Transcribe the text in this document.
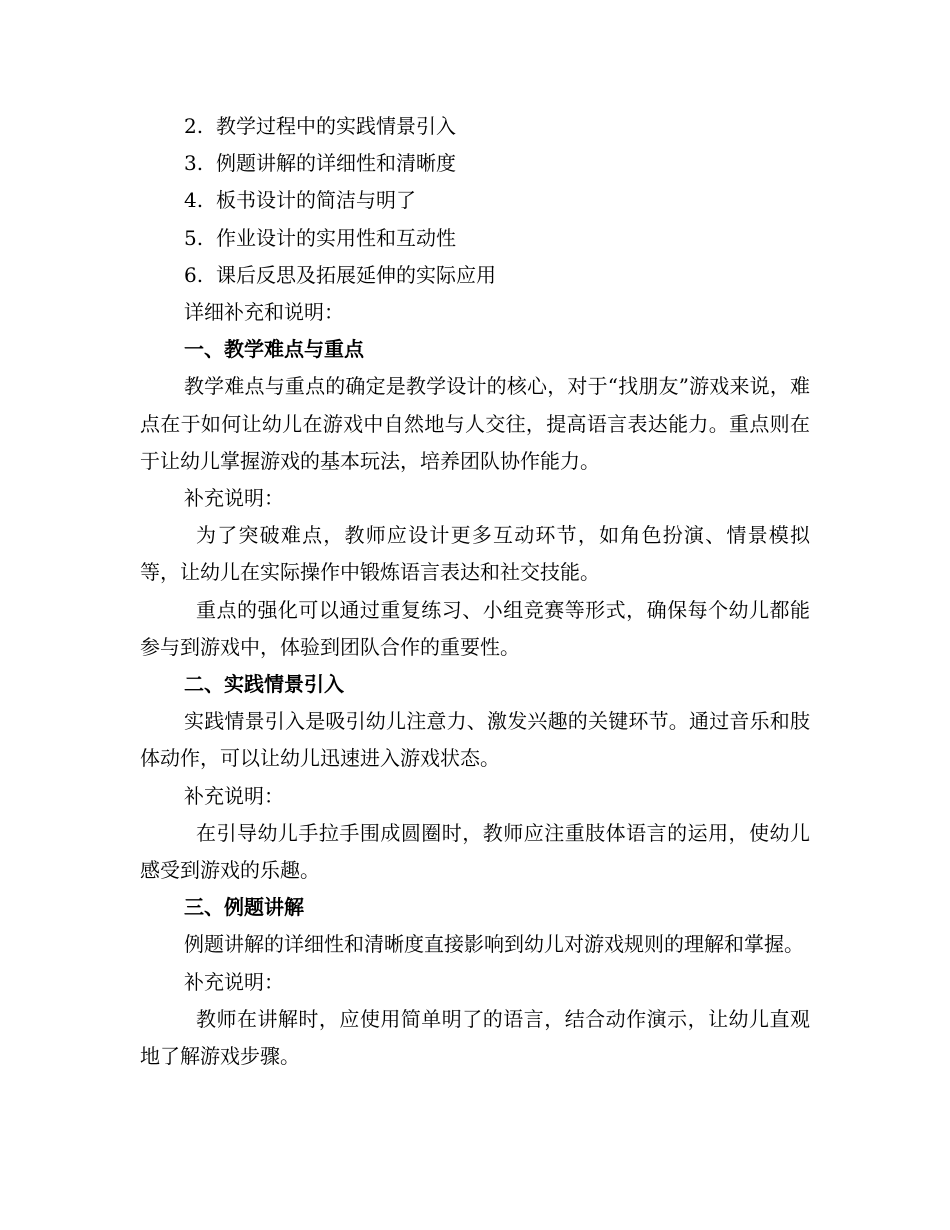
2. 教学过程中的实践情景引入

3. 例题讲解的详细性和清晰度

4. 板书设计的简洁与明了

5. 作业设计的实用性和互动性

6. 课后反思及拓展延伸的实际应用

详细补充和说明：

一、教学难点与重点

教学难点与重点的确定是教学设计的核心，对于“找朋友”游戏来说，难点在于如何让幼儿在游戏中自然地与人交往，提高语言表达能力。重点则在于让幼儿掌握游戏的基本玩法，培养团队协作能力。

补充说明：

为了突破难点，教师应设计更多互动环节，如角色扮演、情景模拟等，让幼儿在实际操作中锻炼语言表达和社交技能。

重点的强化可以通过重复练习、小组竞赛等形式，确保每个幼儿都能参与到游戏中，体验到团队合作的重要性。

二、实践情景引入

实践情景引入是吸引幼儿注意力、激发兴趣的关键环节。通过音乐和肢体动作，可以让幼儿迅速进入游戏状态。

补充说明：

在引导幼儿手拉手围成圆圈时，教师应注重肢体语言的运用，使幼儿感受到游戏的乐趣。

三、例题讲解

例题讲解的详细性和清晰度直接影响到幼儿对游戏规则的理解和掌握。

补充说明：

教师在讲解时，应使用简单明了的语言，结合动作演示，让幼儿直观地了解游戏步骤。
